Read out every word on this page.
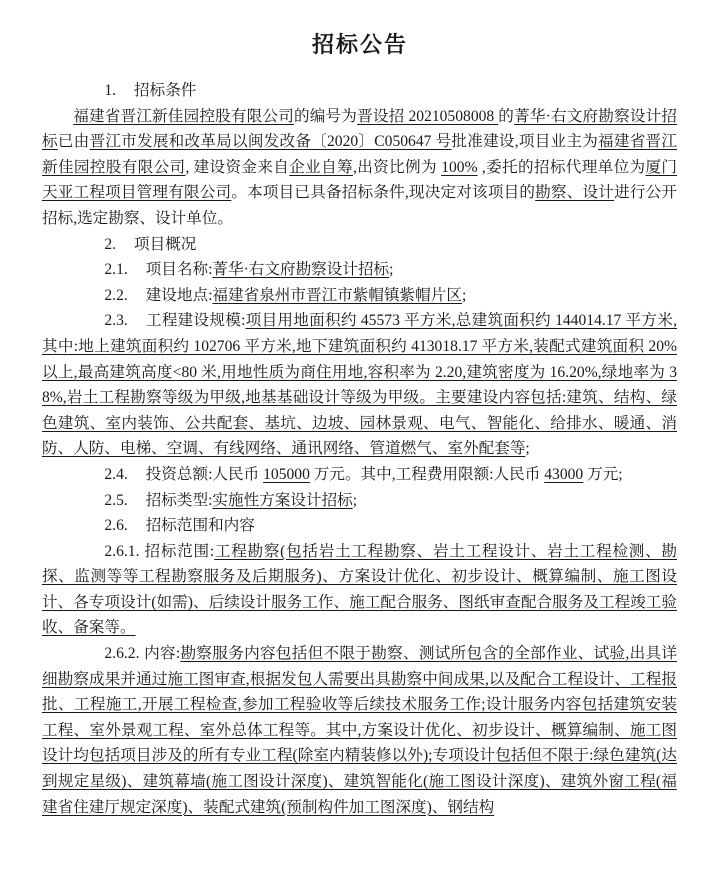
招标公告

1. 招标条件

福建省晋江新佳园控股有限公司的编号为晋设招 20210508008 的菁华·右文府勘察设计招标已由晋江市发展和改革局以闽发改备〔2020〕C050647 号批准建设,项目业主为福建省晋江新佳园控股有限公司, 建设资金来自企业自筹,出资比例为 100% ,委托的招标代理单位为厦门天亚工程项目管理有限公司。本项目已具备招标条件,现决定对该项目的勘察、设计进行公开招标,选定勘察、设计单位。

2. 项目概况

2.1. 项目名称:菁华·右文府勘察设计招标;

2.2. 建设地点:福建省泉州市晋江市紫帽镇紫帽片区;

2.3. 工程建设规模:项目用地面积约 45573 平方米,总建筑面积约 144014.17 平方米,其中:地上建筑面积约 102706 平方米,地下建筑面积约 413018.17 平方米,装配式建筑面积 20%以上,最高建筑高度<80 米,用地性质为商住用地,容积率为 2.20,建筑密度为 16.20%,绿地率为 38%,岩土工程勘察等级为甲级,地基基础设计等级为甲级。主要建设内容包括:建筑、结构、绿色建筑、室内装饰、公共配套、基坑、边坡、园林景观、电气、智能化、给排水、暖通、消防、人防、电梯、空调、有线网络、通讯网络、管道燃气、室外配套等;

2.4. 投资总额:人民币 105000 万元。其中,工程费用限额:人民币 43000 万元;

2.5. 招标类型:实施性方案设计招标;

2.6. 招标范围和内容

2.6.1. 招标范围:工程勘察(包括岩土工程勘察、岩土工程设计、岩土工程检测、勘探、监测等等工程勘察服务及后期服务)、方案设计优化、初步设计、概算编制、施工图设计、各专项设计(如需)、后续设计服务工作、施工配合服务、图纸审查配合服务及工程竣工验收、备案等。

2.6.2. 内容:勘察服务内容包括但不限于勘察、测试所包含的全部作业、试验,出具详细勘察成果并通过施工图审查,根据发包人需要出具勘察中间成果,以及配合工程设计、工程报批、工程施工,开展工程检查,参加工程验收等后续技术服务工作;设计服务内容包括建筑安装工程、室外景观工程、室外总体工程等。其中,方案设计优化、初步设计、概算编制、施工图设计均包括项目涉及的所有专业工程(除室内精装修以外);专项设计包括但不限于:绿色建筑(达到规定星级)、建筑幕墙(施工图设计深度)、建筑智能化(施工图设计深度)、建筑外窗工程(福建省住建厅规定深度)、装配式建筑(预制构件加工图深度)、钢结构
